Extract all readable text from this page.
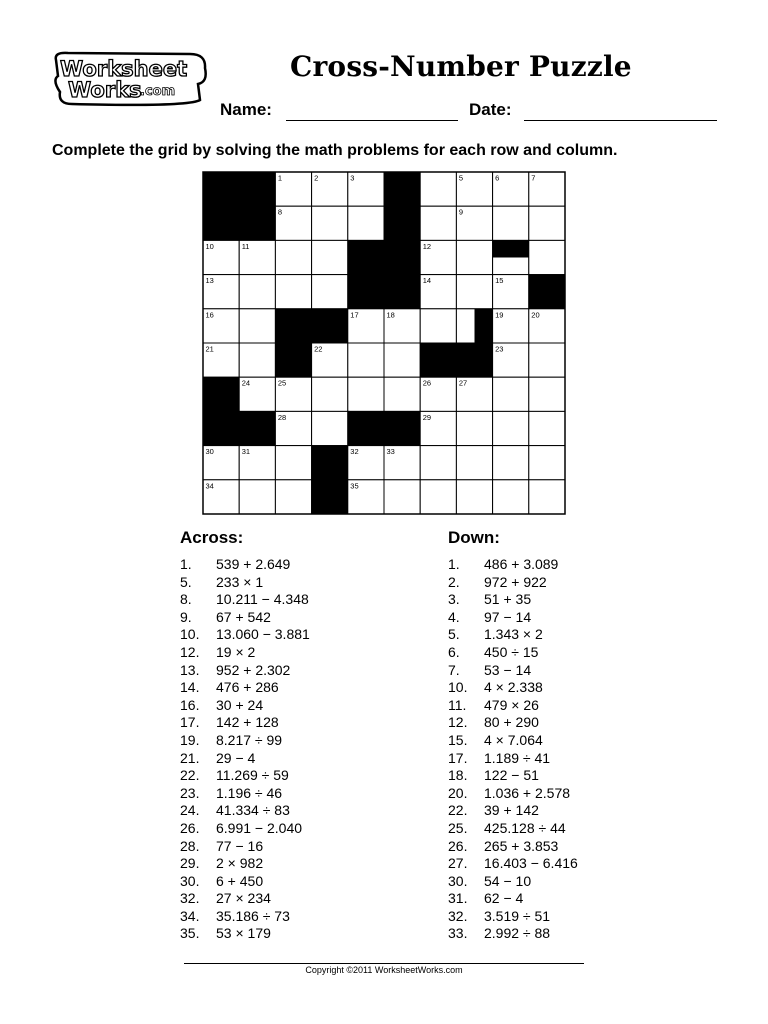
Worksheet
Works
.com
Cross-Number Puzzle
Name:	Date:
Complete the grid by solving the math problems for each row and column.
1	2	3	4	5	6	7
8	9
10	11	12
13	14	15
16	17	18	19	20
21	22	23
24	25	26	27
28	29
30	31	32	33
34	35
Across:	Down:
1.	539 + 2.649
5.	233 × 1
8.	10.211 − 4.348
9.	67 + 542
10.	13.060 − 3.881
12.	19 × 2
13.	952 + 2.302
14.	476 + 286
16.	30 + 24
17.	142 + 128
19.	8.217 ÷ 99
21.	29 − 4
22.	11.269 ÷ 59
23.	1.196 ÷ 46
24.	41.334 ÷ 83
26.	6.991 − 2.040
28.	77 − 16
29.	2 × 982
30.	6 + 450
32.	27 × 234
34.	35.186 ÷ 73
35.	53 × 179
1.	486 + 3.089
2.	972 + 922
3.	51 + 35
4.	97 − 14
5.	1.343 × 2
6.	450 ÷ 15
7.	53 − 14
10.	4 × 2.338
11.	479 × 26
12.	80 + 290
15.	4 × 7.064
17.	1.189 ÷ 41
18.	122 − 51
20.	1.036 + 2.578
22.	39 + 142
25.	425.128 ÷ 44
26.	265 + 3.853
27.	16.403 − 6.416
30.	54 − 10
31.	62 − 4
32.	3.519 ÷ 51
33.	2.992 ÷ 88
Copyright ©2011 WorksheetWorks.com
